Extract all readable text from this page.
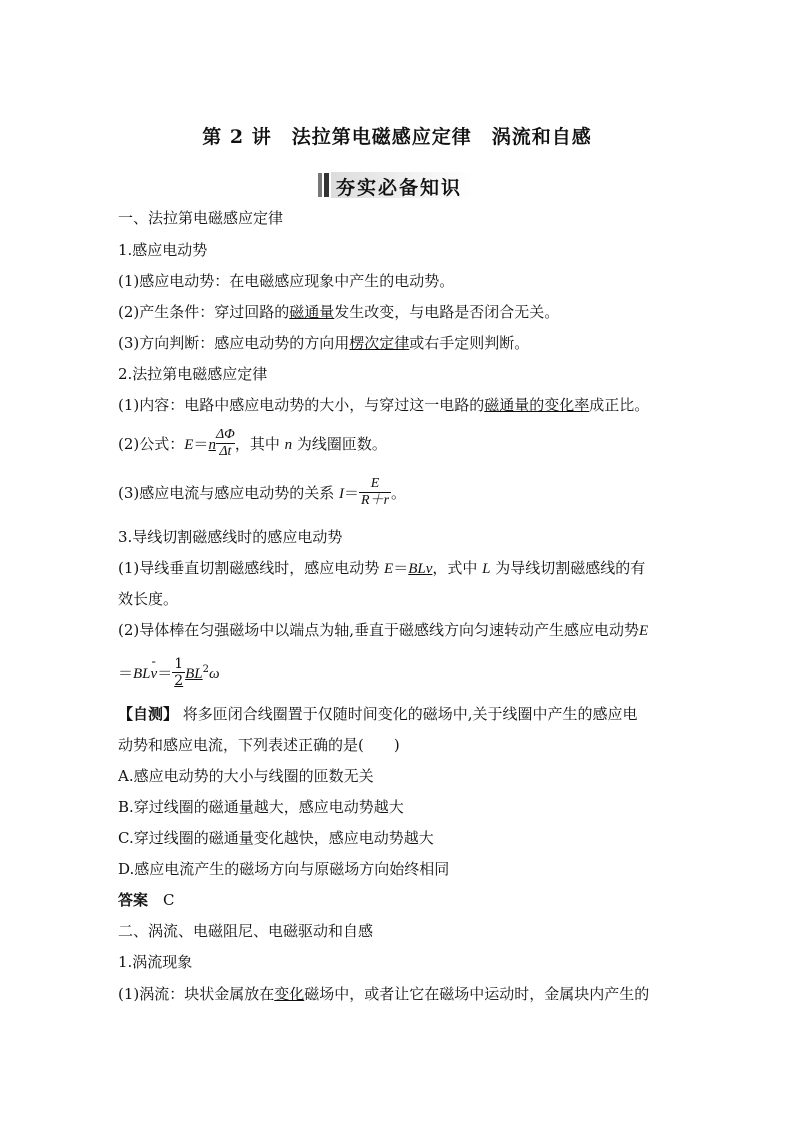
第 2 讲　法拉第电磁感应定律　涡流和自感
夯实必备知识
一、法拉第电磁感应定律
1.感应电动势
(1)感应电动势：在电磁感应现象中产生的电动势。
(2)产生条件：穿过回路的磁通量发生改变，与电路是否闭合无关。
(3)方向判断：感应电动势的方向用楞次定律或右手定则判断。
2.法拉第电磁感应定律
(1)内容：电路中感应电动势的大小，与穿过这一电路的磁通量的变化率成正比。
(2)公式：$E=n \frac{\Delta\Phi}{\Delta t}$ ，其中 n 为线圈匝数。
(3)感应电流与感应电动势的关系 $I= \frac{E}{R+r}$ 。
3.导线切割磁感线时的感应电动势
(1)导线垂直切割磁感线时，感应电动势 E＝BLv，式中 L 为导线切割磁感线的有
效长度。
(2)导体棒在匀强磁场中以端点为轴,垂直于磁感线方向匀速转动产生感应电动势E
＝BL- $v= \frac{1}{2} BL^2\omega$
【自测】 将多匝闭合线圈置于仅随时间变化的磁场中,关于线圈中产生的感应电
动势和感应电流，下列表述正确的是(　　)
A.感应电动势的大小与线圈的匝数无关
B.穿过线圈的磁通量越大，感应电动势越大
C.穿过线圈的磁通量变化越快，感应电动势越大
D.感应电流产生的磁场方向与原磁场方向始终相同
答案　 C
二、涡流、电磁阻尼、电磁驱动和自感
1.涡流现象
(1)涡流：块状金属放在变化磁场中，或者让它在磁场中运动时，金属块内产生的
